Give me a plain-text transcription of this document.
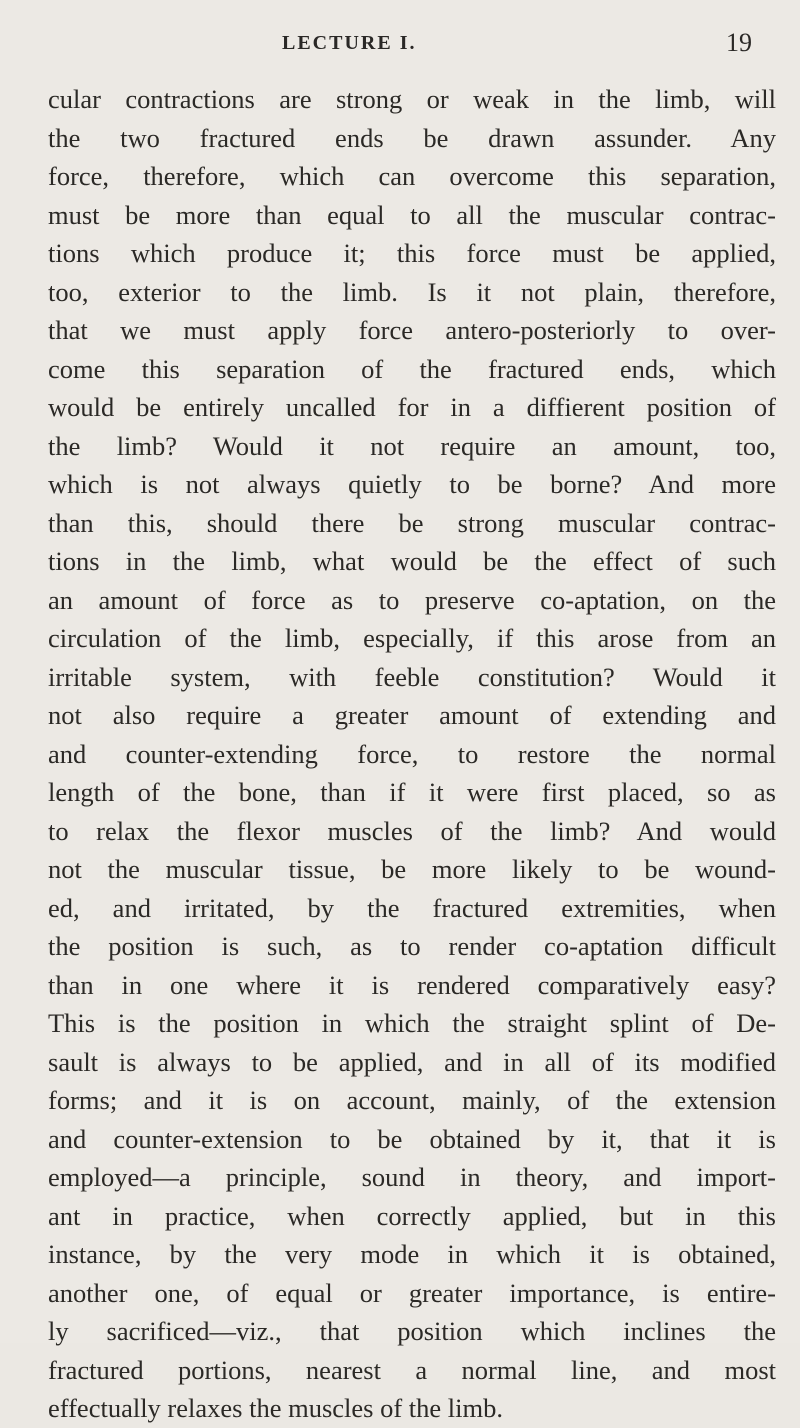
LECTURE I.	19
cular contractions are strong or weak in the limb, will
the two fractured ends be drawn assunder. Any
force, therefore, which can overcome this separation,
must be more than equal to all the muscular contrac-
tions which produce it; this force must be applied,
too, exterior to the limb. Is it not plain, therefore,
that we must apply force antero-posteriorly to over-
come this separation of the fractured ends, which
would be entirely uncalled for in a diffierent position of
the limb? Would it not require an amount, too,
which is not always quietly to be borne? And more
than this, should there be strong muscular contrac-
tions in the limb, what would be the effect of such
an amount of force as to preserve co-aptation, on the
circulation of the limb, especially, if this arose from an
irritable system, with feeble constitution? Would it
not also require a greater amount of extending and
and counter-extending force, to restore the normal
length of the bone, than if it were first placed, so as
to relax the flexor muscles of the limb? And would
not the muscular tissue, be more likely to be wound-
ed, and irritated, by the fractured extremities, when
the position is such, as to render co-aptation difficult
than in one where it is rendered comparatively easy?
This is the position in which the straight splint of De-
sault is always to be applied, and in all of its modified
forms; and it is on account, mainly, of the extension
and counter-extension to be obtained by it, that it is
employed—a principle, sound in theory, and import-
ant in practice, when correctly applied, but in this
instance, by the very mode in which it is obtained,
another one, of equal or greater importance, is entire-
ly sacrificed—viz., that position which inclines the
fractured portions, nearest a normal line, and most
effectually relaxes the muscles of the limb.
